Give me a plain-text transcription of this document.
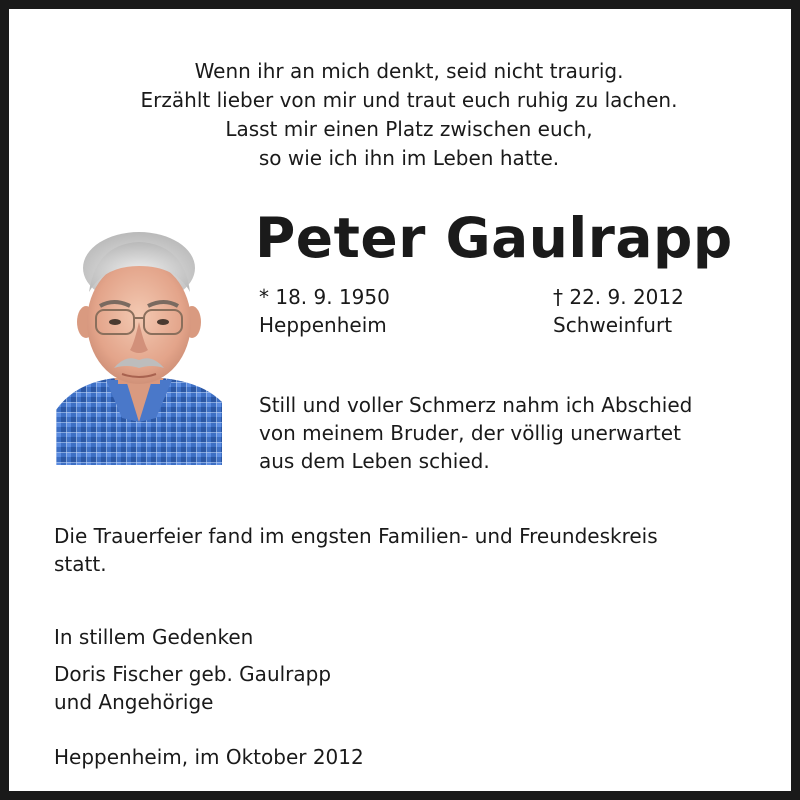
Wenn ihr an mich denkt, seid nicht traurig.
Erzählt lieber von mir und traut euch ruhig zu lachen.
Lasst mir einen Platz zwischen euch,
so wie ich ihn im Leben hatte.
Peter Gaulrapp
* 18. 9. 1950
Heppenheim
† 22. 9. 2012
Schweinfurt
Still und voller Schmerz nahm ich Abschied
von meinem Bruder, der völlig unerwartet
aus dem Leben schied.
Die Trauerfeier fand im engsten Familien- und Freundeskreis
statt.
In stillem Gedenken
Doris Fischer geb. Gaulrapp
und Angehörige
Heppenheim, im Oktober 2012
